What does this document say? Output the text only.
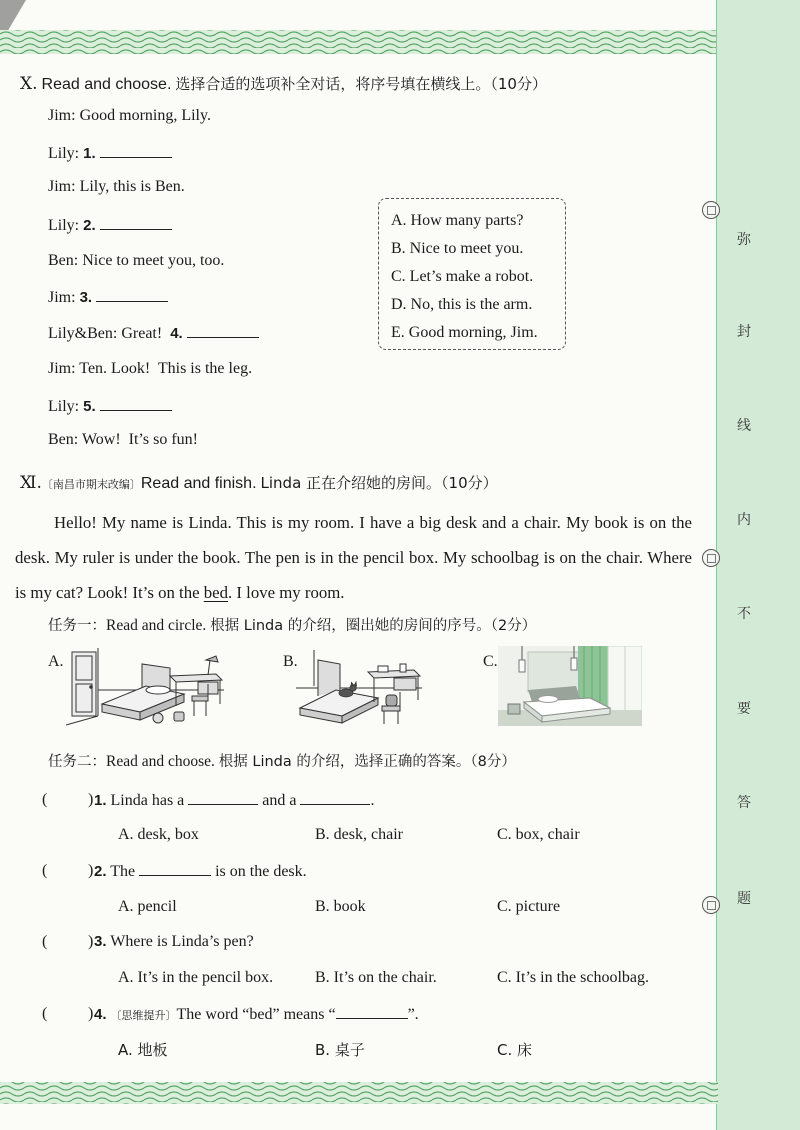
弥
封
线
内
不
要
答
题
Ⅹ. Read and choose. 选择合适的选项补全对话，将序号填在横线上。（10分）
Jim: Good morning, Lily.
Lily: 1.
Jim: Lily, this is Ben.
Lily: 2.
Ben: Nice to meet you, too.
Jim: 3.
Lily&Ben: Great! 4.
Jim: Ten. Look!  This is the leg.
Lily: 5.
Ben: Wow!  It’s so fun!
A. How many parts?
B. Nice to meet you.
C. Let’s make a robot.
D. No, this is the arm.
E. Good morning, Jim.
Ⅺ.〔南昌市期末改编〕Read and finish. Linda 正在介绍她的房间。（10分）

Hello! My name is Linda. This is my room. I have a big desk and a chair. My book is on the desk. My ruler is under the book. The pen is in the pencil box. My schoolbag is on the chair. Where is my cat? Look! It’s on the bed. I love my room.

任务一：Read and circle. 根据 Linda 的介绍，圈出她的房间的序号。（2分）
A.	B.	C.
任务二：Read and choose. 根据 Linda 的介绍，选择正确的答案。（8分）
(	) 1. Linda has a	and a	.
A. desk, box	B. desk, chair	C. box, chair
(	) 2. The	is on the desk.
A. pencil	B. book	C. picture
(	) 3. Where is Linda’s pen?
A. It’s in the pencil box.	B. It’s on the chair.	C. It’s in the schoolbag.
(	) 4. 〔思维提升〕The word “bed” means “	”.
A. 地板	B. 桌子	C. 床
